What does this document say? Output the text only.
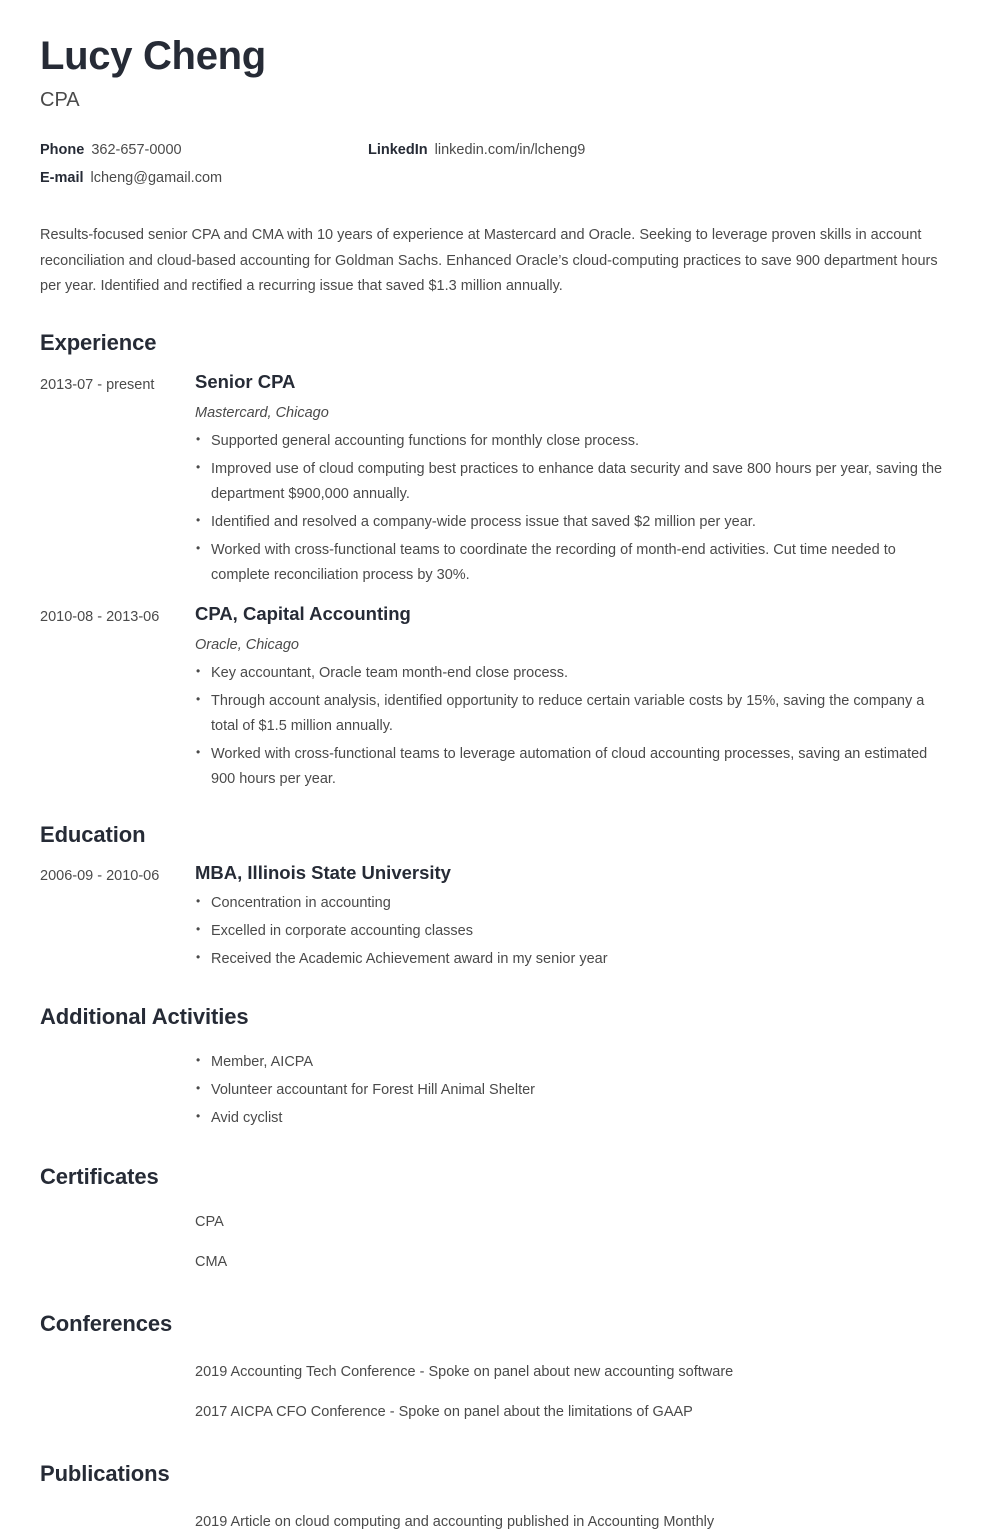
Lucy Cheng
CPA
Phone 362-657-0000	LinkedIn linkedin.com/in/lcheng9
E-mail lcheng@gamail.com
Results-focused senior CPA and CMA with 10 years of experience at Mastercard and Oracle. Seeking to leverage proven skills in account reconciliation and cloud-based accounting for Goldman Sachs. Enhanced Oracle’s cloud-computing practices to save 900 department hours per year. Identified and rectified a recurring issue that saved $1.3 million annually.
Experience
2013-07 - present	Senior CPA
Mastercard, Chicago
• Supported general accounting functions for monthly close process.
• Improved use of cloud computing best practices to enhance data security and save 800 hours per year, saving the department $900,000 annually.
• Identified and resolved a company-wide process issue that saved $2 million per year.
• Worked with cross-functional teams to coordinate the recording of month-end activities. Cut time needed to complete reconciliation process by 30%.
2010-08 - 2013-06	CPA, Capital Accounting
Oracle, Chicago
• Key accountant, Oracle team month-end close process.
• Through account analysis, identified opportunity to reduce certain variable costs by 15%, saving the company a total of $1.5 million annually.
• Worked with cross-functional teams to leverage automation of cloud accounting processes, saving an estimated 900 hours per year.
Education
2006-09 - 2010-06	MBA, Illinois State University
• Concentration in accounting
• Excelled in corporate accounting classes
• Received the Academic Achievement award in my senior year
Additional Activities
• Member, AICPA
• Volunteer accountant for Forest Hill Animal Shelter
• Avid cyclist
Certificates
CPA
CMA
Conferences
2019 Accounting Tech Conference - Spoke on panel about new accounting software
2017 AICPA CFO Conference - Spoke on panel about the limitations of GAAP
Publications
2019 Article on cloud computing and accounting published in Accounting Monthly
